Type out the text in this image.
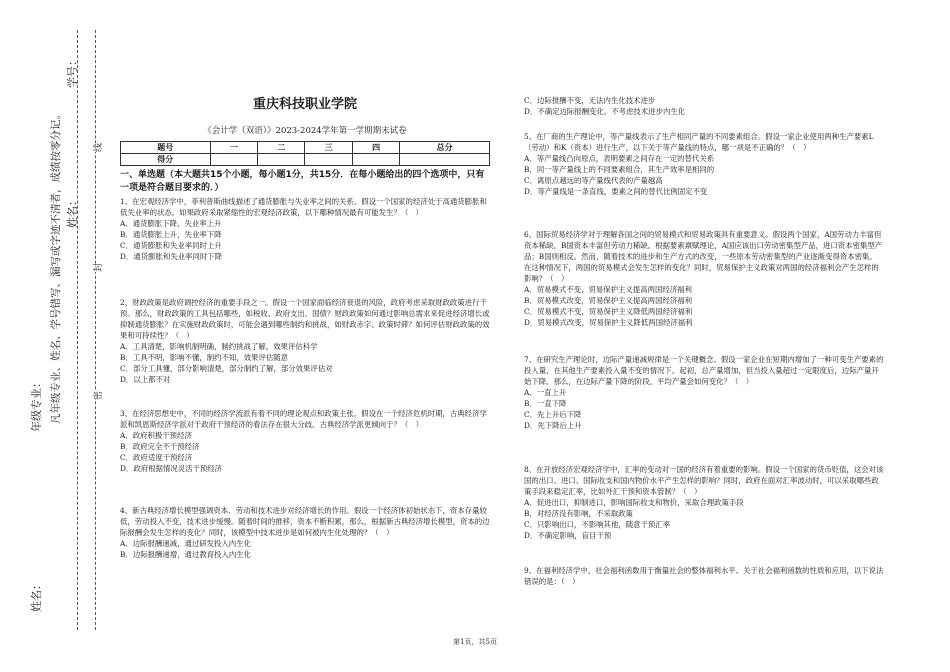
姓名：
年级专业：
姓名：
学号：
凡年级专业、姓名、学号错写、漏写或字迹不清者，成绩按零分记。	密
封
线
重庆科技职业学院
《会计学（双语）》2023-2024学年第一学期期末试卷
题号	一	二	三	四	总分
得分					
一、单选题（本大题共15个小题，每小题1分，共15分．在每小题给出的四个选项中，只有一项是符合题目要求的．）

1、在宏观经济学中，菲利普斯曲线描述了通货膨胀与失业率之间的关系。假设一个国家的经济处于高通货膨胀和低失业率的状态。如果政府采取紧缩性的宏观经济政策，以下哪种情况最有可能发生？（　）

A．通货膨胀下降，失业率上升

B．通货膨胀上升，失业率下降

C．通货膨胀和失业率同时上升

D．通货膨胀和失业率同时下降

2、财政政策是政府调控经济的重要手段之一。假设一个国家面临经济衰退的风险，政府考虑采取财政政策进行干预。那么，财政政策的工具包括哪些，如税收、政府支出、国债？财政政策如何通过影响总需求来促进经济增长或抑制通货膨胀？在实施财政政策时，可能会遇到哪些制约和挑战，如财政赤字、政策时滞？如何评估财政政策的效果和可持续性？（　）

A．工具清楚，影响机制明确，制约挑战了解，效果评估科学

B．工具不明，影响不懂，制约不知，效果评估随意

C．部分工具懂，部分影响清楚，部分制约了解，部分效果评估对

D．以上都不对

3、在经济思想史中，不同的经济学流派有着不同的理论观点和政策主张。假设在一个经济危机时期，古典经济学派和凯恩斯经济学派对于政府干预经济的看法存在很大分歧。古典经济学派更倾向于？（　）

A．政府积极干预经济

B．政府完全不干预经济

C．政府适度干预经济

D．政府根据情况灵活干预经济

4、新古典经济增长模型强调资本、劳动和技术进步对经济增长的作用。假设一个经济体初始状态下，资本存量较低，劳动投入不变，技术进步缓慢。随着时间的推移，资本不断积累，那么，根据新古典经济增长模型，资本的边际报酬会发生怎样的变化？同时，该模型中技术进步是如何被内生化处理的？（　）

A．边际报酬递减，通过研发投入内生化

B．边际报酬递增，通过教育投入内生化

C．边际报酬不变，无法内生化技术进步

D．不确定边际报酬变化，不考虑技术进步内生化

5、在厂商的生产理论中，等产量线表示了生产相同产量的不同要素组合。假设一家企业使用两种生产要素L（劳动）和K（资本）进行生产，以下关于等产量线的特点，哪一项是不正确的？（　）

A．等产量线凸向原点，表明要素之间存在一定的替代关系

B．同一等产量线上的不同要素组合，其生产效率是相同的

C．离原点越远的等产量线代表的产量越高

D．等产量线是一条直线，要素之间的替代比例固定不变

6、国际贸易经济学对于理解各国之间的贸易模式和贸易政策具有重要意义。假设两个国家，A国劳动力丰富但资本稀缺，B国资本丰富但劳动力稀缺。根据要素禀赋理论，A国应该出口劳动密集型产品，进口资本密集型产品；B国则相反。然而，随着技术的进步和生产方式的改变，一些原本劳动密集型的产业逐渐变得资本密集。在这种情况下，两国的贸易模式会发生怎样的变化？同时，贸易保护主义政策对两国的经济福利会产生怎样的影响？（　）

A．贸易模式不变，贸易保护主义提高两国经济福利

B．贸易模式改变，贸易保护主义提高两国经济福利

C．贸易模式不变，贸易保护主义降低两国经济福利

D．贸易模式改变，贸易保护主义降低两国经济福利

7、在研究生产理论时，边际产量递减规律是一个关键概念。假设一家企业在短期内增加了一种可变生产要素的投入量，在其他生产要素投入量不变的情况下。起初，总产量增加，但当投入量超过一定限度后，边际产量开始下降。那么，在边际产量下降的阶段，平均产量会如何变化？（　）

A．一直上升

B．一直下降

C．先上升后下降

D．先下降后上升

8、在开放经济宏观经济学中，汇率的变动对一国的经济有着重要的影响。假设一个国家的货币贬值，这会对该国的出口、进口、国际收支和国内物价水平产生怎样的影响？同时，政府在面对汇率波动时，可以采取哪些政策手段来稳定汇率，比如外汇干预和资本管制？（　）

A．促进出口，抑制进口，影响国际收支和物价，采取合理政策手段

B．对经济没有影响，不采取政策

C．只影响出口，不影响其他，随意干预汇率

D．不确定影响，盲目干预

9、在福利经济学中，社会福利函数用于衡量社会的整体福利水平。关于社会福利函数的性质和应用，以下说法错误的是：（　）

第1页，共5页
